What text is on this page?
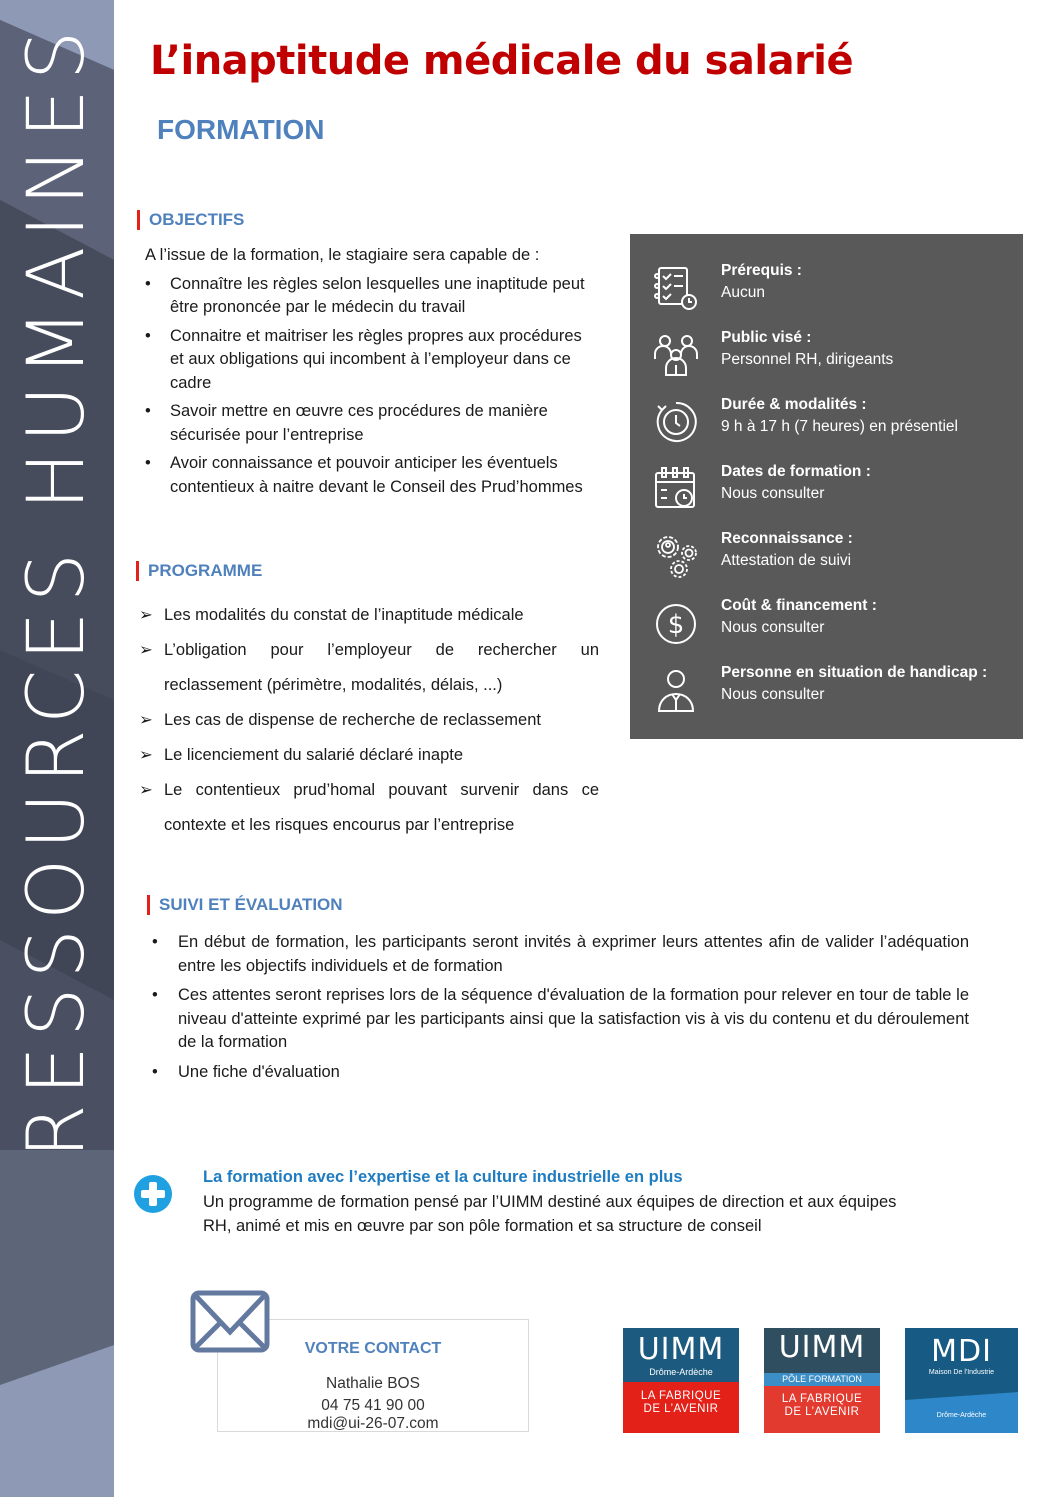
RESSOURCES HUMAINES L’inaptitude médicale du salarié
FORMATION
OBJECTIFS
A l’issue de la formation, le stagiaire sera capable de :
• Connaître les règles selon lesquelles une inaptitude peut être prononcée par le médecin du travail
• Connaitre et maitriser les règles propres aux procédures et aux obligations qui incombent à l’employeur dans ce cadre
• Savoir mettre en œuvre ces procédures de manière sécurisée pour l’entreprise
• Avoir connaissance et pouvoir anticiper les éventuels contentieux à naitre devant le Conseil des Prud’hommes
PROGRAMME
➢ Les modalités du constat de l’inaptitude médicale
➢ L’obligation pour l’employeur de rechercher un reclassement (périmètre, modalités, délais, ...)
➢ Les cas de dispense de recherche de reclassement
➢ Le licenciement du salarié déclaré inapte
➢ Le contentieux prud’homal pouvant survenir dans ce contexte et les risques encourus par l’entreprise
Prérequis :
Aucun
Public visé :
Personnel RH, dirigeants
Durée & modalités :
9 h à 17 h (7 heures) en présentiel
Dates de formation :
Nous consulter
Reconnaissance :
Attestation de suivi
$
Coût & financement :
Nous consulter
Personne en situation de handicap :
Nous consulter
SUIVI ET ÉVALUATION
• En début de formation, les participants seront invités à exprimer leurs attentes afin de valider l’adéquation entre les objectifs individuels et de formation
• Ces attentes seront reprises lors de la séquence d'évaluation de la formation pour relever en tour de table le niveau d'atteinte exprimé par les participants ainsi que la satisfaction vis à vis du contenu et du déroulement de la formation
• Une fiche d'évaluation
La formation avec l’expertise et la culture industrielle en plus
Un programme de formation pensé par l’UIMM destiné aux équipes de direction et aux équipes RH, animé et mis en œuvre par son pôle formation et sa structure de conseil
VOTRE CONTACT
Nathalie BOS
04 75 41 90 00
mdi@ui-26-07.com
UIMM
Drôme-Ardèche
LA FABRIQUE
DE L’AVENIR
UIMM
PÔLE FORMATION
LA FABRIQUE
DE L’AVENIR
MDI
Maison De l'Industrie
Drôme-Ardèche
